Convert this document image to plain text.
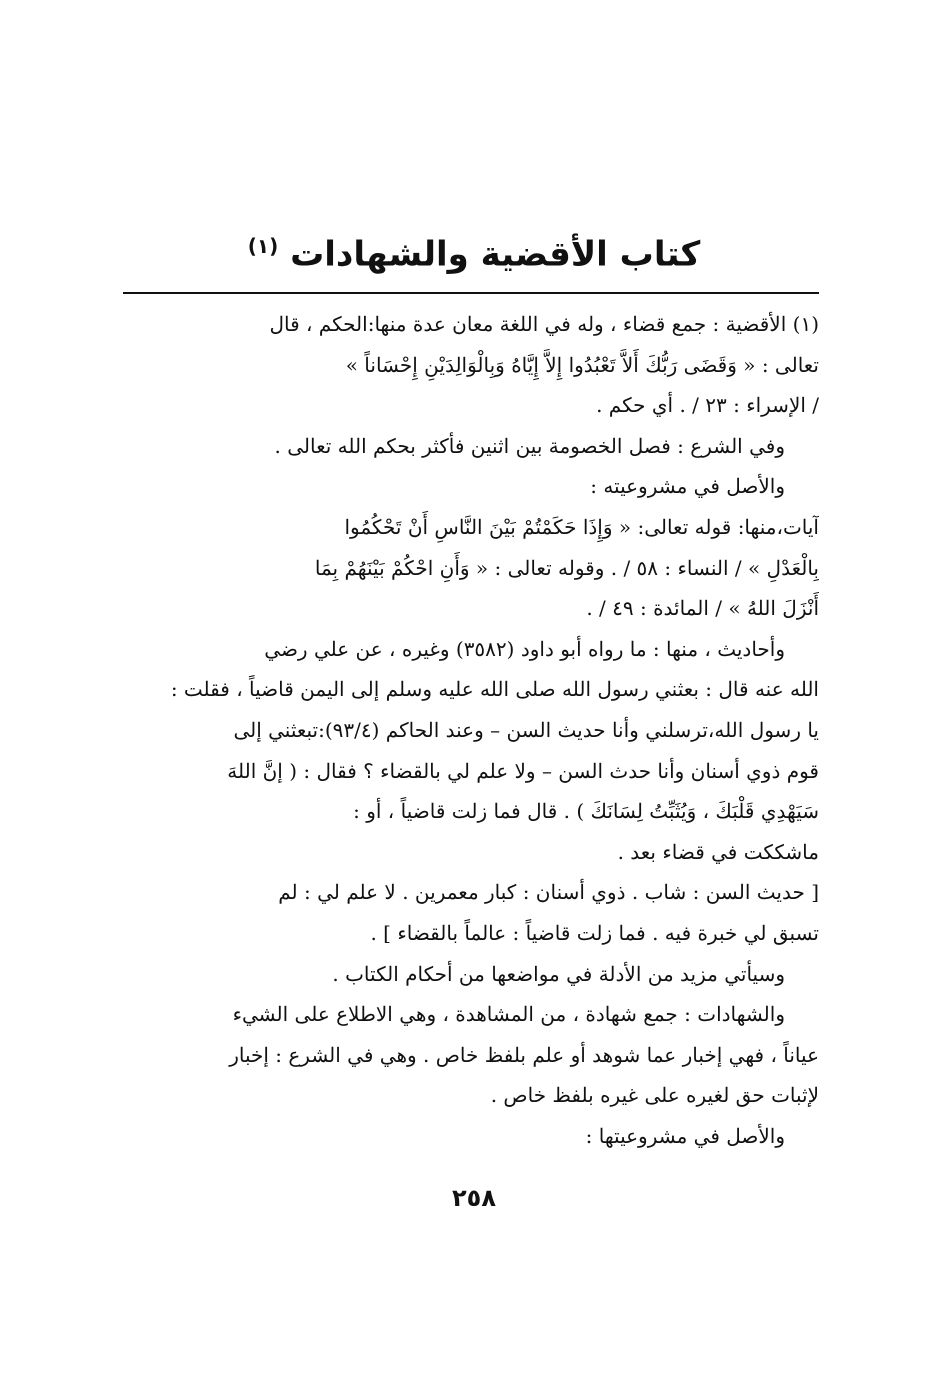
كتاب الأقضية والشهادات $^{(١)}$
(١) الأقضية : جمع قضاء ، وله في اللغة معان عدة منها:الحكم ، قال
تعالى : « وَقَضَى رَبُّكَ أَلاَّ تَعْبُدُوا إِلاَّ إِيَّاهُ وَبِالْوَالِدَيْنِ إِحْسَاناً »
/ الإسراء : ٢٣ / . أي حكم .
وفي الشرع : فصل الخصومة بين اثنين فأكثر بحكم الله تعالى .
والأصل في مشروعيته :
آيات،منها: قوله تعالى: « وَإِذَا حَكَمْتُمْ بَيْنَ النَّاسِ أَنْ تَحْكُمُوا
بِالْعَدْلِ » / النساء : ٥٨ / . وقوله تعالى : « وَأَنِ احْكُمْ بَيْنَهُمْ بِمَا
أَنْزَلَ اللهُ » / المائدة : ٤٩ / .
وأحاديث ، منها : ما رواه أبو داود (٣٥٨٢) وغيره ، عن علي رضي
الله عنه قال : بعثني رسول الله صلى الله عليه وسلم إلى اليمن قاضياً ، فقلت :
يا رسول الله،ترسلني وأنا حديث السن – وعند الحاكم (٩٣/٤):تبعثني إلى
قوم ذوي أسنان وأنا حدث السن – ولا علم لي بالقضاء ؟ فقال : ( إنَّ اللهَ
سَيَهْدِي قَلْبَكَ ، وَيُثَبِّتُ لِسَانَكَ ) . قال فما زلت قاضياً ، أو :
ماشككت في قضاء بعد .
[ حديث السن : شاب . ذوي أسنان : كبار معمرين . لا علم لي : لم
تسبق لي خبرة فيه . فما زلت قاضياً : عالماً بالقضاء ] .
وسيأتي مزيد من الأدلة في مواضعها من أحكام الكتاب .
والشهادات : جمع شهادة ، من المشاهدة ، وهي الاطلاع على الشيء
عياناً ، فهي إخبار عما شوهد أو علم بلفظ خاص . وهي في الشرع : إخبار
لإثبات حق لغيره على غيره بلفظ خاص .
والأصل في مشروعيتها :
٢٥٨
